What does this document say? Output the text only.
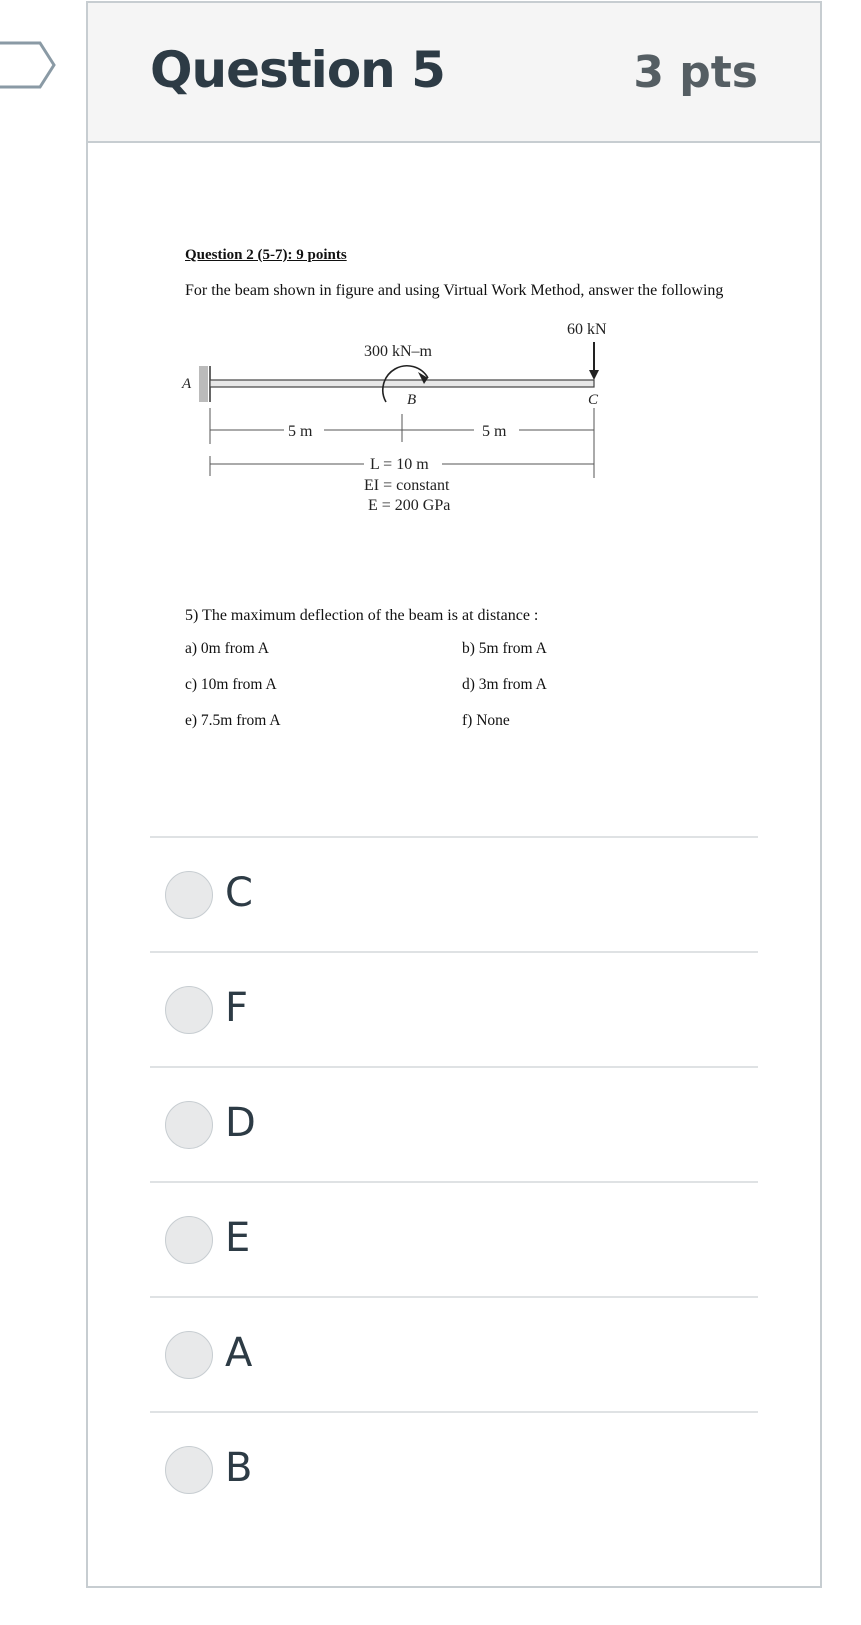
Question 5	3 pts
Question 2 (5-7): 9 points
For the beam shown in figure and using Virtual Work Method, answer the following
A
B	C
300 kN–m
60 kN
5 m	5 m
L = 10 m
EI = constant
E = 200 GPa
5) The maximum deflection of the beam is at distance :
a) 0m from A	b) 5m from A
c) 10m from A	d) 3m from A
e) 7.5m from A	f) None
C
F
D
E
A
B
